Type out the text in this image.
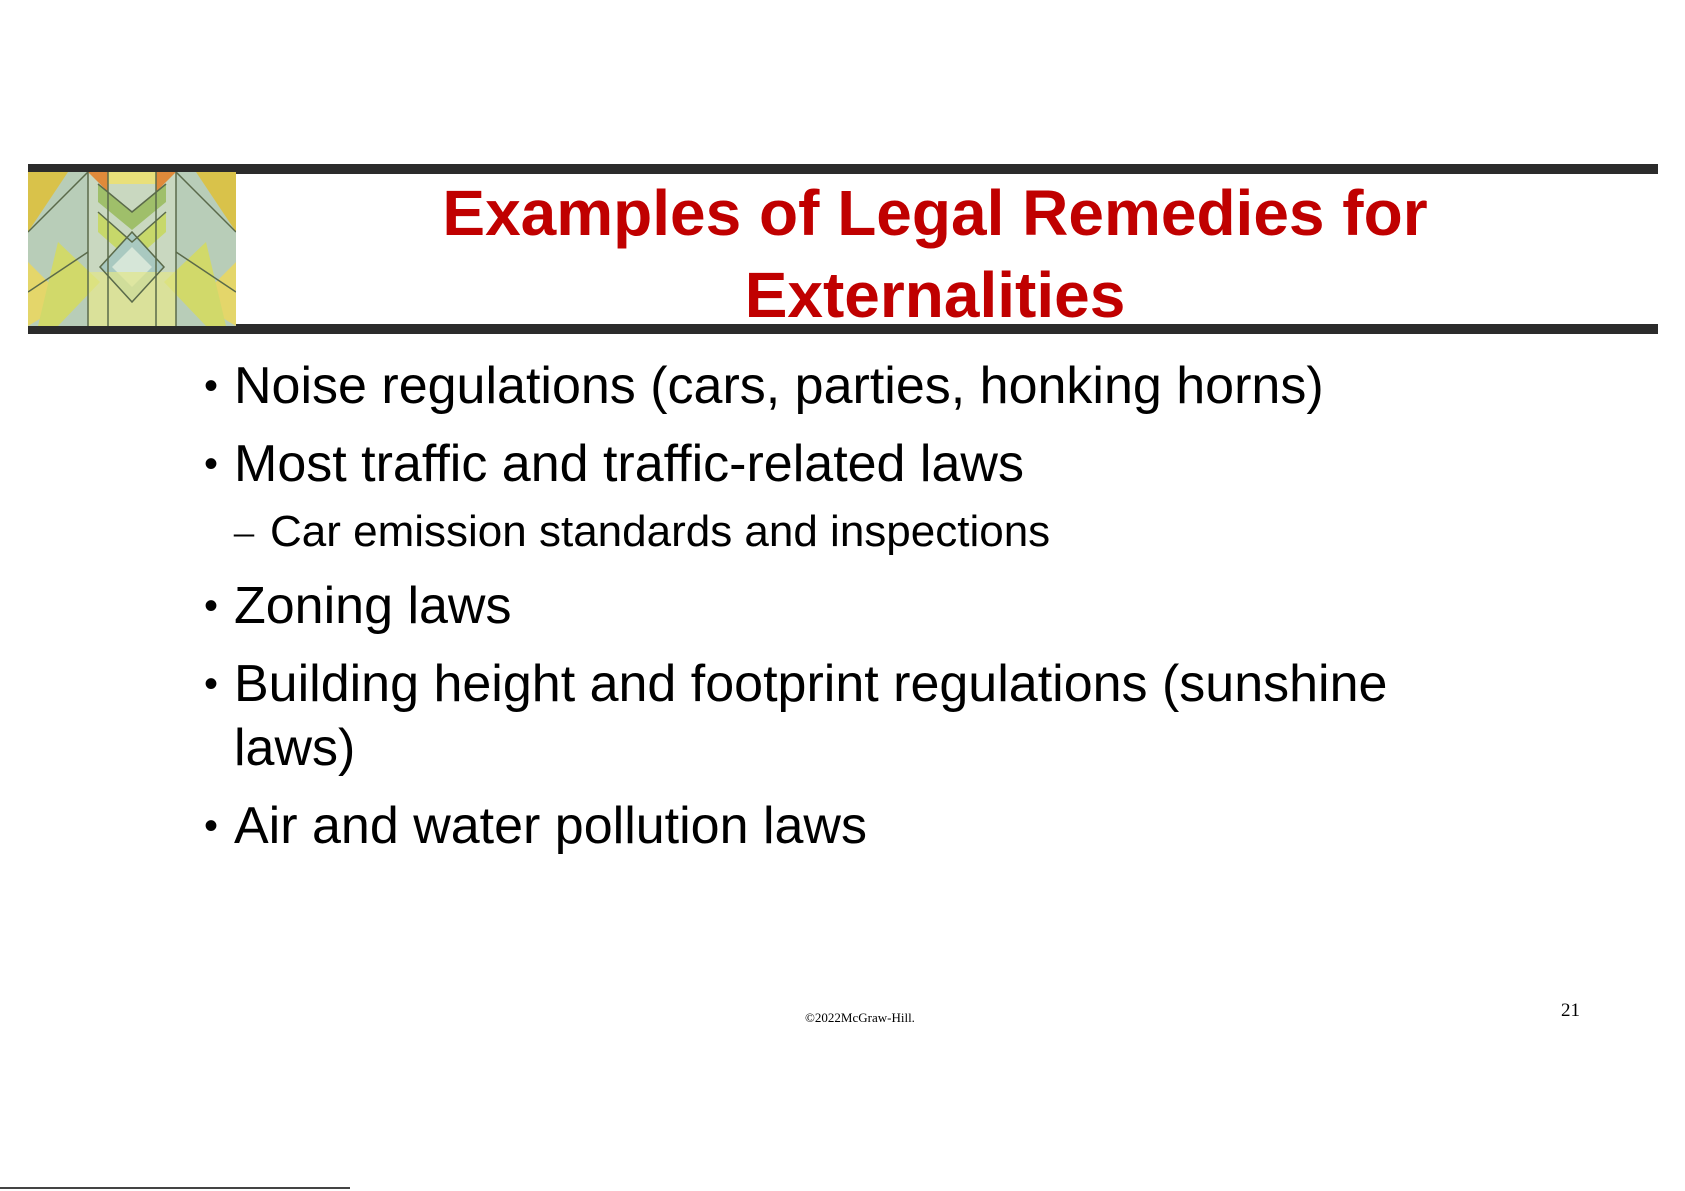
Examples of Legal Remedies for Externalities
• Noise regulations (cars, parties, honking horns)
• Most traffic and traffic-related laws
– Car emission standards and inspections
• Zoning laws
• Building height and footprint regulations (sunshine laws)
• Air and water pollution laws
©2022McGraw-Hill.	21
